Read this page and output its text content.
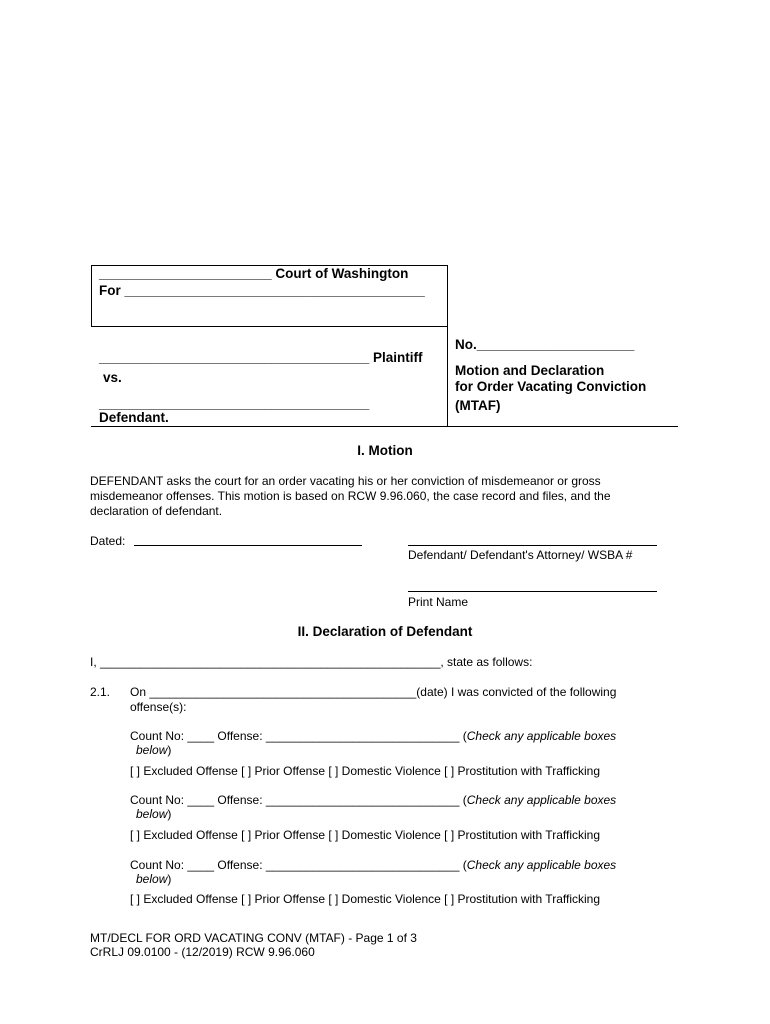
_______________________ Court of Washington
For ________________________________________
____________________________________ Plaintiff
vs.
____________________________________
Defendant.
No._____________________
Motion and Declaration
for Order Vacating Conviction
(MTAF)
I. Motion
DEFENDANT asks the court for an order vacating his or her conviction of misdemeanor or gross
misdemeanor offenses. This motion is based on RCW 9.96.060, the case record and files, and the
declaration of defendant.
Dated:
Defendant/ Defendant's Attorney/ WSBA #
Print Name
II. Declaration of Defendant
I, ___________________________________________________, state as follows:
2.1. On ________________________________________(date) I was convicted of the following
offense(s):
Count No: ____ Offense: _____________________________ (Check any applicable boxes
below)
[ ] Excluded Offense [ ] Prior Offense [ ] Domestic Violence [ ] Prostitution with Trafficking
Count No: ____ Offense: _____________________________ (Check any applicable boxes
below)
[ ] Excluded Offense [ ] Prior Offense [ ] Domestic Violence [ ] Prostitution with Trafficking
Count No: ____ Offense: _____________________________ (Check any applicable boxes
below)
[ ] Excluded Offense [ ] Prior Offense [ ] Domestic Violence [ ] Prostitution with Trafficking
MT/DECL FOR ORD VACATING CONV (MTAF) - Page 1 of 3
CrRLJ 09.0100 - (12/2019) RCW 9.96.060
